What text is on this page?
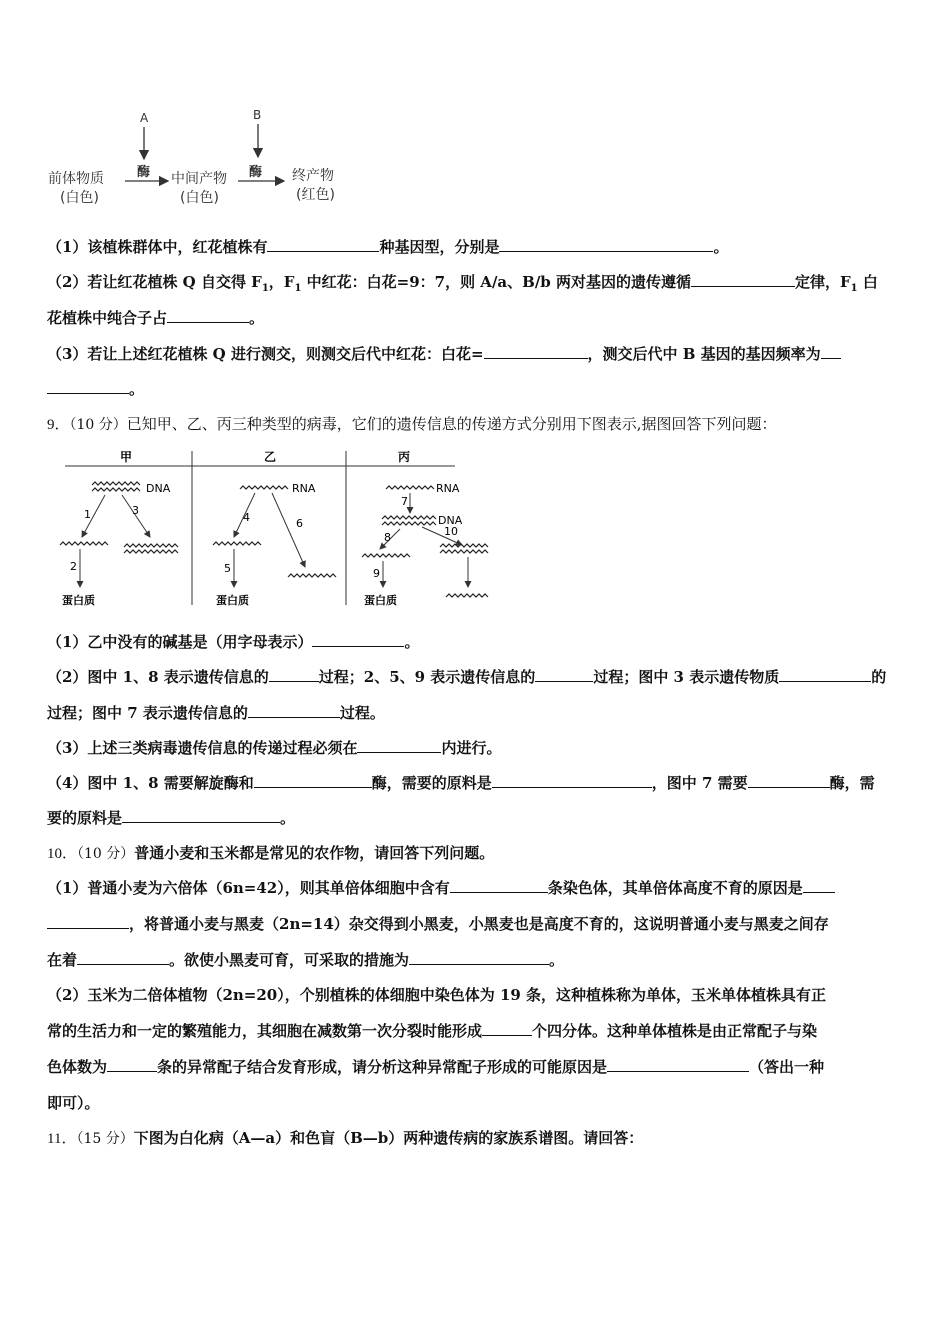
A	B
前体物质
(白色)
酶 中间产物
(白色)
酶 终产物
(红色)
（1）该植株群体中，红花植株有	种基因型，分别是	。
（2）若让红花植株 Q 自交得 $F_1$，$F_1$ 中红花：白花=9：7，则 A/a、B/b 两对基因的遗传遵循	定律，$F_1$ 白
花植株中纯合子占	。
（3）若让上述红花植株 Q 进行测交，则测交后代中红花：白花=	，测交后代中 B 基因的基因频率为
。
9．（10 分）已知甲、乙、丙三种类型的病毒，它们的遗传信息的传递方式分别用下图表示,据图回答下列问题：
甲	乙	丙
DNA
1	3
2
蛋白质
RNA
4	6
5
蛋白质
RNA
7
DNA
8	10
9
蛋白质
（1）乙中没有的碱基是（用字母表示）	。
（2）图中 1、8 表示遗传信息的	过程；2、5、9 表示遗传信息的	过程；图中 3 表示遗传物质	的
过程；图中 7 表示遗传信息的	过程。
（3）上述三类病毒遗传信息的传递过程必须在	内进行。
（4）图中 1、8 需要解旋酶和	酶，需要的原料是	，图中 7 需要	酶，需
要的原料是	。
10．（10 分）普通小麦和玉米都是常见的农作物，请回答下列问题。
（1）普通小麦为六倍体（6n=42），则其单倍体细胞中含有	条染色体，其单倍体高度不育的原因是
，将普通小麦与黑麦（2n=14）杂交得到小黑麦，小黑麦也是高度不育的，这说明普通小麦与黑麦之间存
在着	。欲使小黑麦可育，可采取的措施为	。
（2）玉米为二倍体植物（2n=20），个别植株的体细胞中染色体为 19 条，这种植株称为单体，玉米单体植株具有正
常的生活力和一定的繁殖能力，其细胞在减数第一次分裂时能形成	个四分体。这种单体植株是由正常配子与染
色体数为	条的异常配子结合发育形成，请分析这种异常配子形成的可能原因是	（答出一种
即可）。
11．（15 分）下图为白化病（A—a）和色盲（B—b）两种遗传病的家族系谱图。请回答：
